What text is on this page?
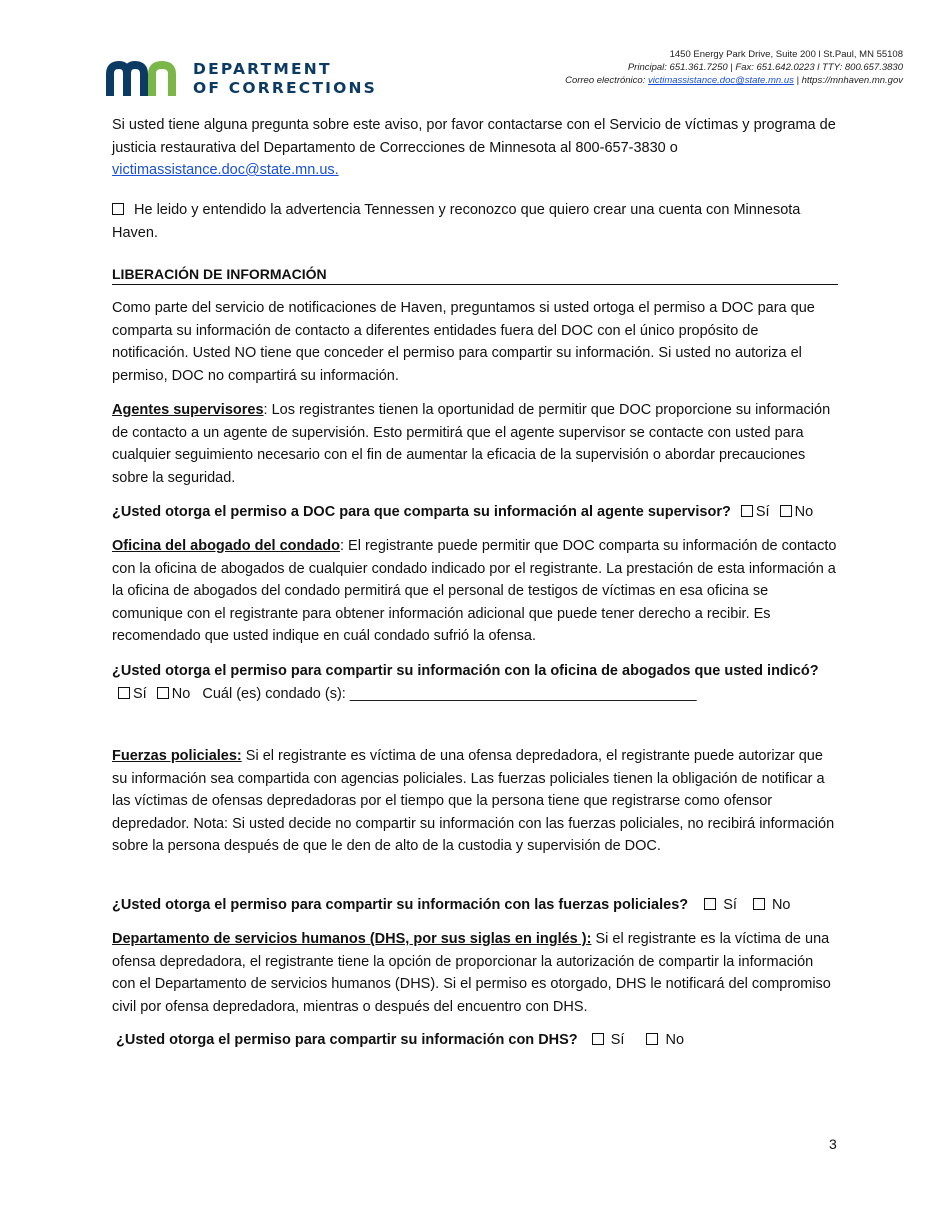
DEPARTMENT
OF CORRECTIONS
1450 Energy Park Drive, Suite 200 l St.Paul, MN 55108
Principal: 651.361.7250 | Fax: 651.642.0223 l TTY: 800.657.3830
Correo electrónico: victimassistance.doc@state.mn.us | https://mnhaven.mn.gov
Si usted tiene alguna pregunta sobre este aviso, por favor contactarse con el Servicio de víctimas y programa de justicia restaurativa del Departamento de Correcciones de Minnesota al 800-657-3830 o victimassistance.doc@state.mn.us.
He leido y entendido la advertencia Tennessen y reconozco que quiero crear una cuenta con Minnesota Haven.
LIBERACIÓN DE INFORMACIÓN
Como parte del servicio de notificaciones de Haven, preguntamos si usted ortoga el permiso a DOC para que comparta su información de contacto a diferentes entidades fuera del DOC con el único propósito de notificación. Usted NO tiene que conceder el permiso para compartir su información. Si usted no autoriza el permiso, DOC no compartirá su información.
Agentes supervisores: Los registrantes tienen la oportunidad de permitir que DOC proporcione su información de contacto a un agente de supervisión. Esto permitirá que el agente supervisor se contacte con usted para cualquier seguimiento necesario con el fin de aumentar la eficacia de la supervisión o abordar precauciones sobre la seguridad.
¿Usted otorga el permiso a DOC para que comparta su información al agente supervisor? Sí No
Oficina del abogado del condado: El registrante puede permitir que DOC comparta su información de contacto con la oficina de abogados de cualquier condado indicado por el registrante. La prestación de esta información a la oficina de abogados del condado permitirá que el personal de testigos de víctimas en esa oficina se comunique con el registrante para obtener información adicional que puede tener derecho a recibir. Es recomendado que usted indique en cuál condado sufrió la ofensa.
¿Usted otorga el permiso para compartir su información con la oficina de abogados que usted indicó? Sí No Cuál (es) condado (s): ___________________________________________
Fuerzas policiales: Si el registrante es víctima de una ofensa depredadora, el registrante puede autorizar que su información sea compartida con agencias policiales. Las fuerzas policiales tienen la obligación de notificar a las víctimas de ofensas depredadoras por el tiempo que la persona tiene que registrarse como ofensor depredador. Nota: Si usted decide no compartir su información con las fuerzas policiales, no recibirá información sobre la persona después de que le den de alto de la custodia y supervisión de DOC.
¿Usted otorga el permiso para compartir su información con las fuerzas policiales? Sí No
Departamento de servicios humanos (DHS, por sus siglas en inglés ): Si el registrante es la víctima de una ofensa depredadora, el registrante tiene la opción de proporcionar la autorización de compartir la información con el Departamento de servicios humanos (DHS). Si el permiso es otorgado, DHS le notificará del compromiso civil por ofensa depredadora, mientras o después del encuentro con DHS.
¿Usted otorga el permiso para compartir su información con DHS? Sí	No
3
